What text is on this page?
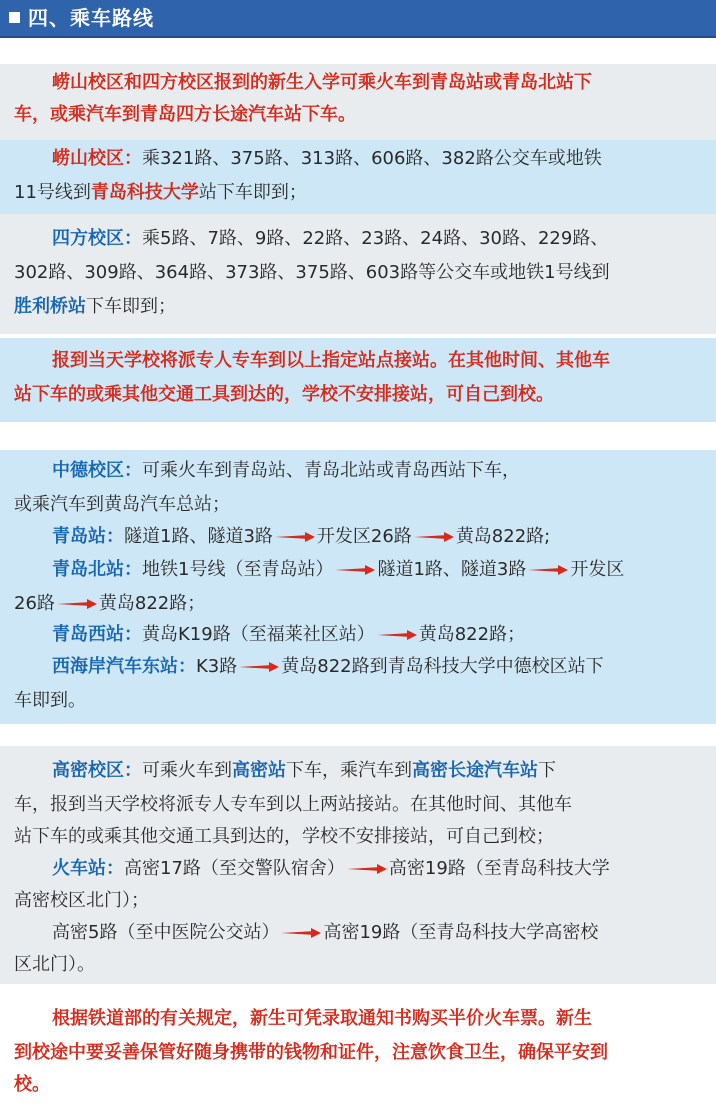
四、乘车路线
崂山校区和四方校区报到的新生入学可乘火车到青岛站或青岛北站下
车，或乘汽车到青岛四方长途汽车站下车。
崂山校区：乘321路、375路、313路、606路、382路公交车或地铁
11号线到青岛科技大学站下车即到；
四方校区：乘5路、7路、9路、22路、23路、24路、30路、229路、
302路、309路、364路、373路、375路、603路等公交车或地铁1号线到
胜利桥站下车即到；
报到当天学校将派专人专车到以上指定站点接站。在其他时间、其他车
站下车的或乘其他交通工具到达的，学校不安排接站，可自己到校。
中德校区：可乘火车到青岛站、青岛北站或青岛西站下车，
或乘汽车到黄岛汽车总站；
青岛站：隧道1路、隧道3路 开发区26路 黄岛822路;
青岛北站：地铁1号线（至青岛站） 隧道1路、隧道3路 开发区
26路 黄岛822路；
青岛西站：黄岛K19路（至福莱社区站） 黄岛822路；
西海岸汽车东站：K3路 黄岛822路到青岛科技大学中德校区站下
车即到。
高密校区：可乘火车到高密站下车，乘汽车到高密长途汽车站下
车，报到当天学校将派专人专车到以上两站接站。在其他时间、其他车
站下车的或乘其他交通工具到达的，学校不安排接站，可自己到校；
火车站：高密17路（至交警队宿舍） 高密19路（至青岛科技大学
高密校区北门）；
高密5路（至中医院公交站） 高密19路（至青岛科技大学高密校
区北门）。
根据铁道部的有关规定，新生可凭录取通知书购买半价火车票。新生
到校途中要妥善保管好随身携带的钱物和证件，注意饮食卫生，确保平安到
校。
